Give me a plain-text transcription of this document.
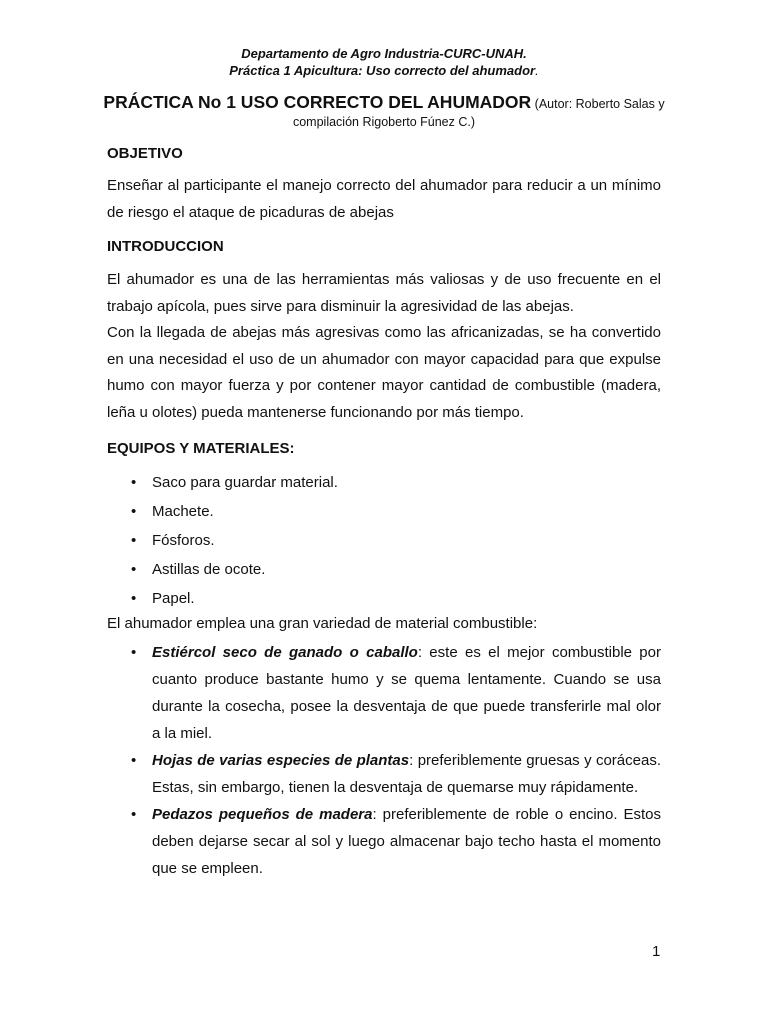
Departamento de Agro Industria-CURC-UNAH.
Práctica 1 Apicultura: Uso correcto del ahumador.
PRÁCTICA No 1 USO CORRECTO DEL AHUMADOR (Autor: Roberto Salas y
compilación Rigoberto Fúnez C.)
OBJETIVO
Enseñar al participante el manejo correcto del ahumador para reducir a un mínimo
de riesgo el ataque de picaduras de abejas
INTRODUCCION
El ahumador es una de las herramientas más valiosas y de uso frecuente en el
trabajo apícola, pues sirve para disminuir la agresividad de las abejas.
Con la llegada de abejas más agresivas como las africanizadas, se ha convertido
en una necesidad el uso de un ahumador con mayor capacidad para que expulse
humo con mayor fuerza y por contener mayor cantidad de combustible (madera,
leña u olotes) pueda mantenerse funcionando por más tiempo.
EQUIPOS Y MATERIALES:
• Saco para guardar material.
• Machete.
• Fósforos.
• Astillas de ocote.
• Papel.
El ahumador emplea una gran variedad de material combustible:
• Estiércol seco de ganado o caballo: este es el mejor combustible por
cuanto produce bastante humo y se quema lentamente. Cuando se usa
durante la cosecha, posee la desventaja de que puede transferirle mal olor
a la miel.
• Hojas de varias especies de plantas: preferiblemente gruesas y coráceas.
Estas, sin embargo, tienen la desventaja de quemarse muy rápidamente.
• Pedazos pequeños de madera: preferiblemente de roble o encino. Estos
deben dejarse secar al sol y luego almacenar bajo techo hasta el momento
que se empleen.
1
